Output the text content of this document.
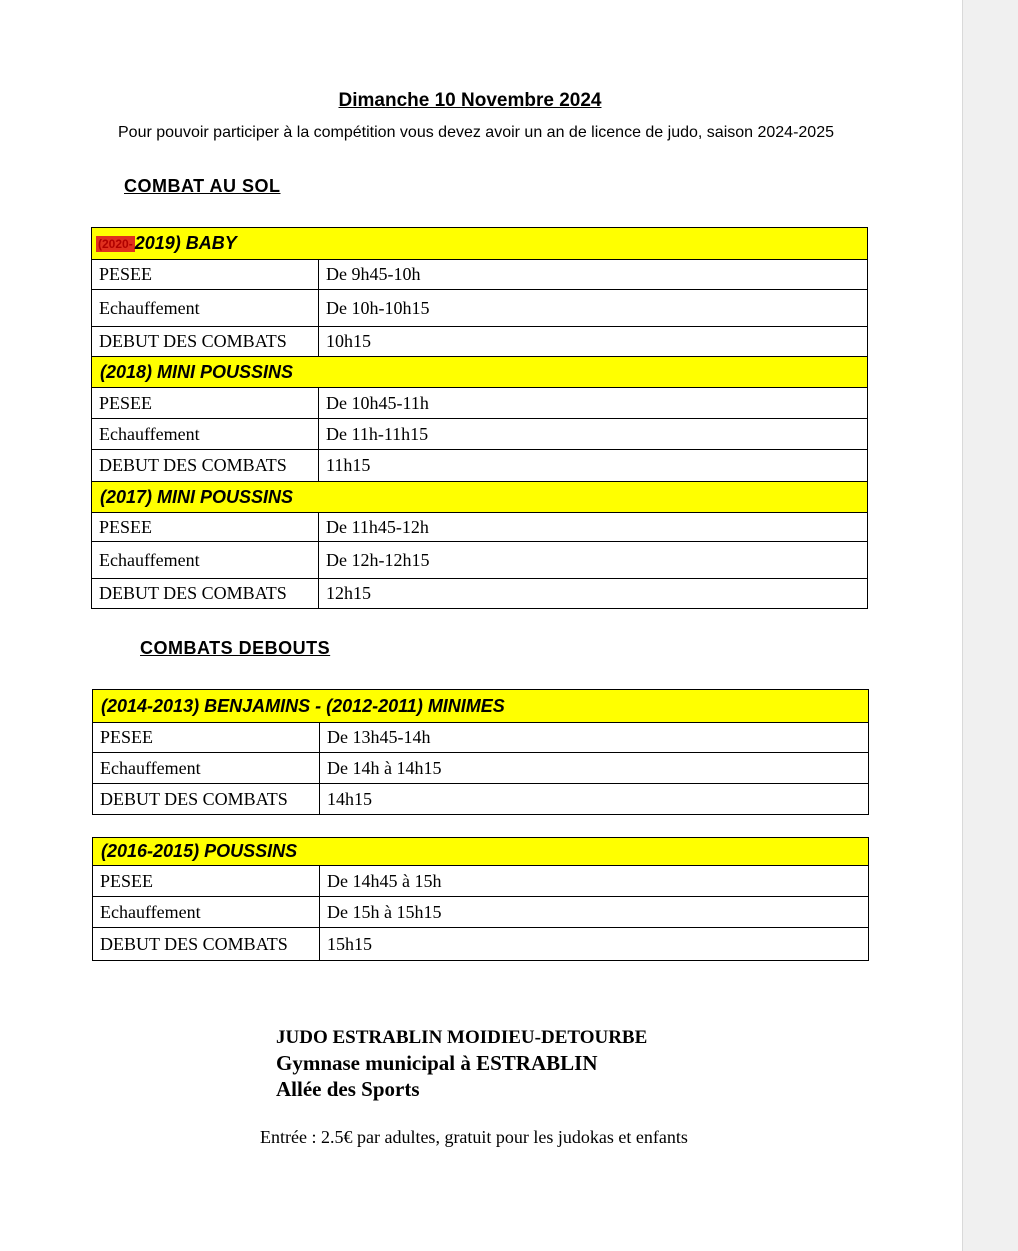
Dimanche 10 Novembre 2024
Pour pouvoir participer à la compétition vous devez avoir un an de licence de judo, saison 2024-2025
COMBAT AU SOL
(2020- 2019) BABY	
PESEE	De 9h45-10h
Echauffement	De 10h-10h15
DEBUT DES COMBATS	10h15
(2018) MINI POUSSINS	
PESEE	De 10h45-11h
Echauffement	De 11h-11h15
DEBUT DES COMBATS	11h15
(2017) MINI POUSSINS	
PESEE	De 11h45-12h
Echauffement	De 12h-12h15
DEBUT DES COMBATS	12h15
COMBATS DEBOUTS
(2014-2013) BENJAMINS - (2012-2011) MINIMES	
PESEE	De 13h45-14h
Echauffement	De 14h à 14h15
DEBUT DES COMBATS	14h15
(2016-2015) POUSSINS	
PESEE	De 14h45 à 15h
Echauffement	De 15h à 15h15
DEBUT DES COMBATS	15h15
JUDO ESTRABLIN MOIDIEU-DETOURBE
Gymnase municipal à ESTRABLIN
Allée des Sports
Entrée : 2.5€ par adultes, gratuit pour les judokas et enfants
